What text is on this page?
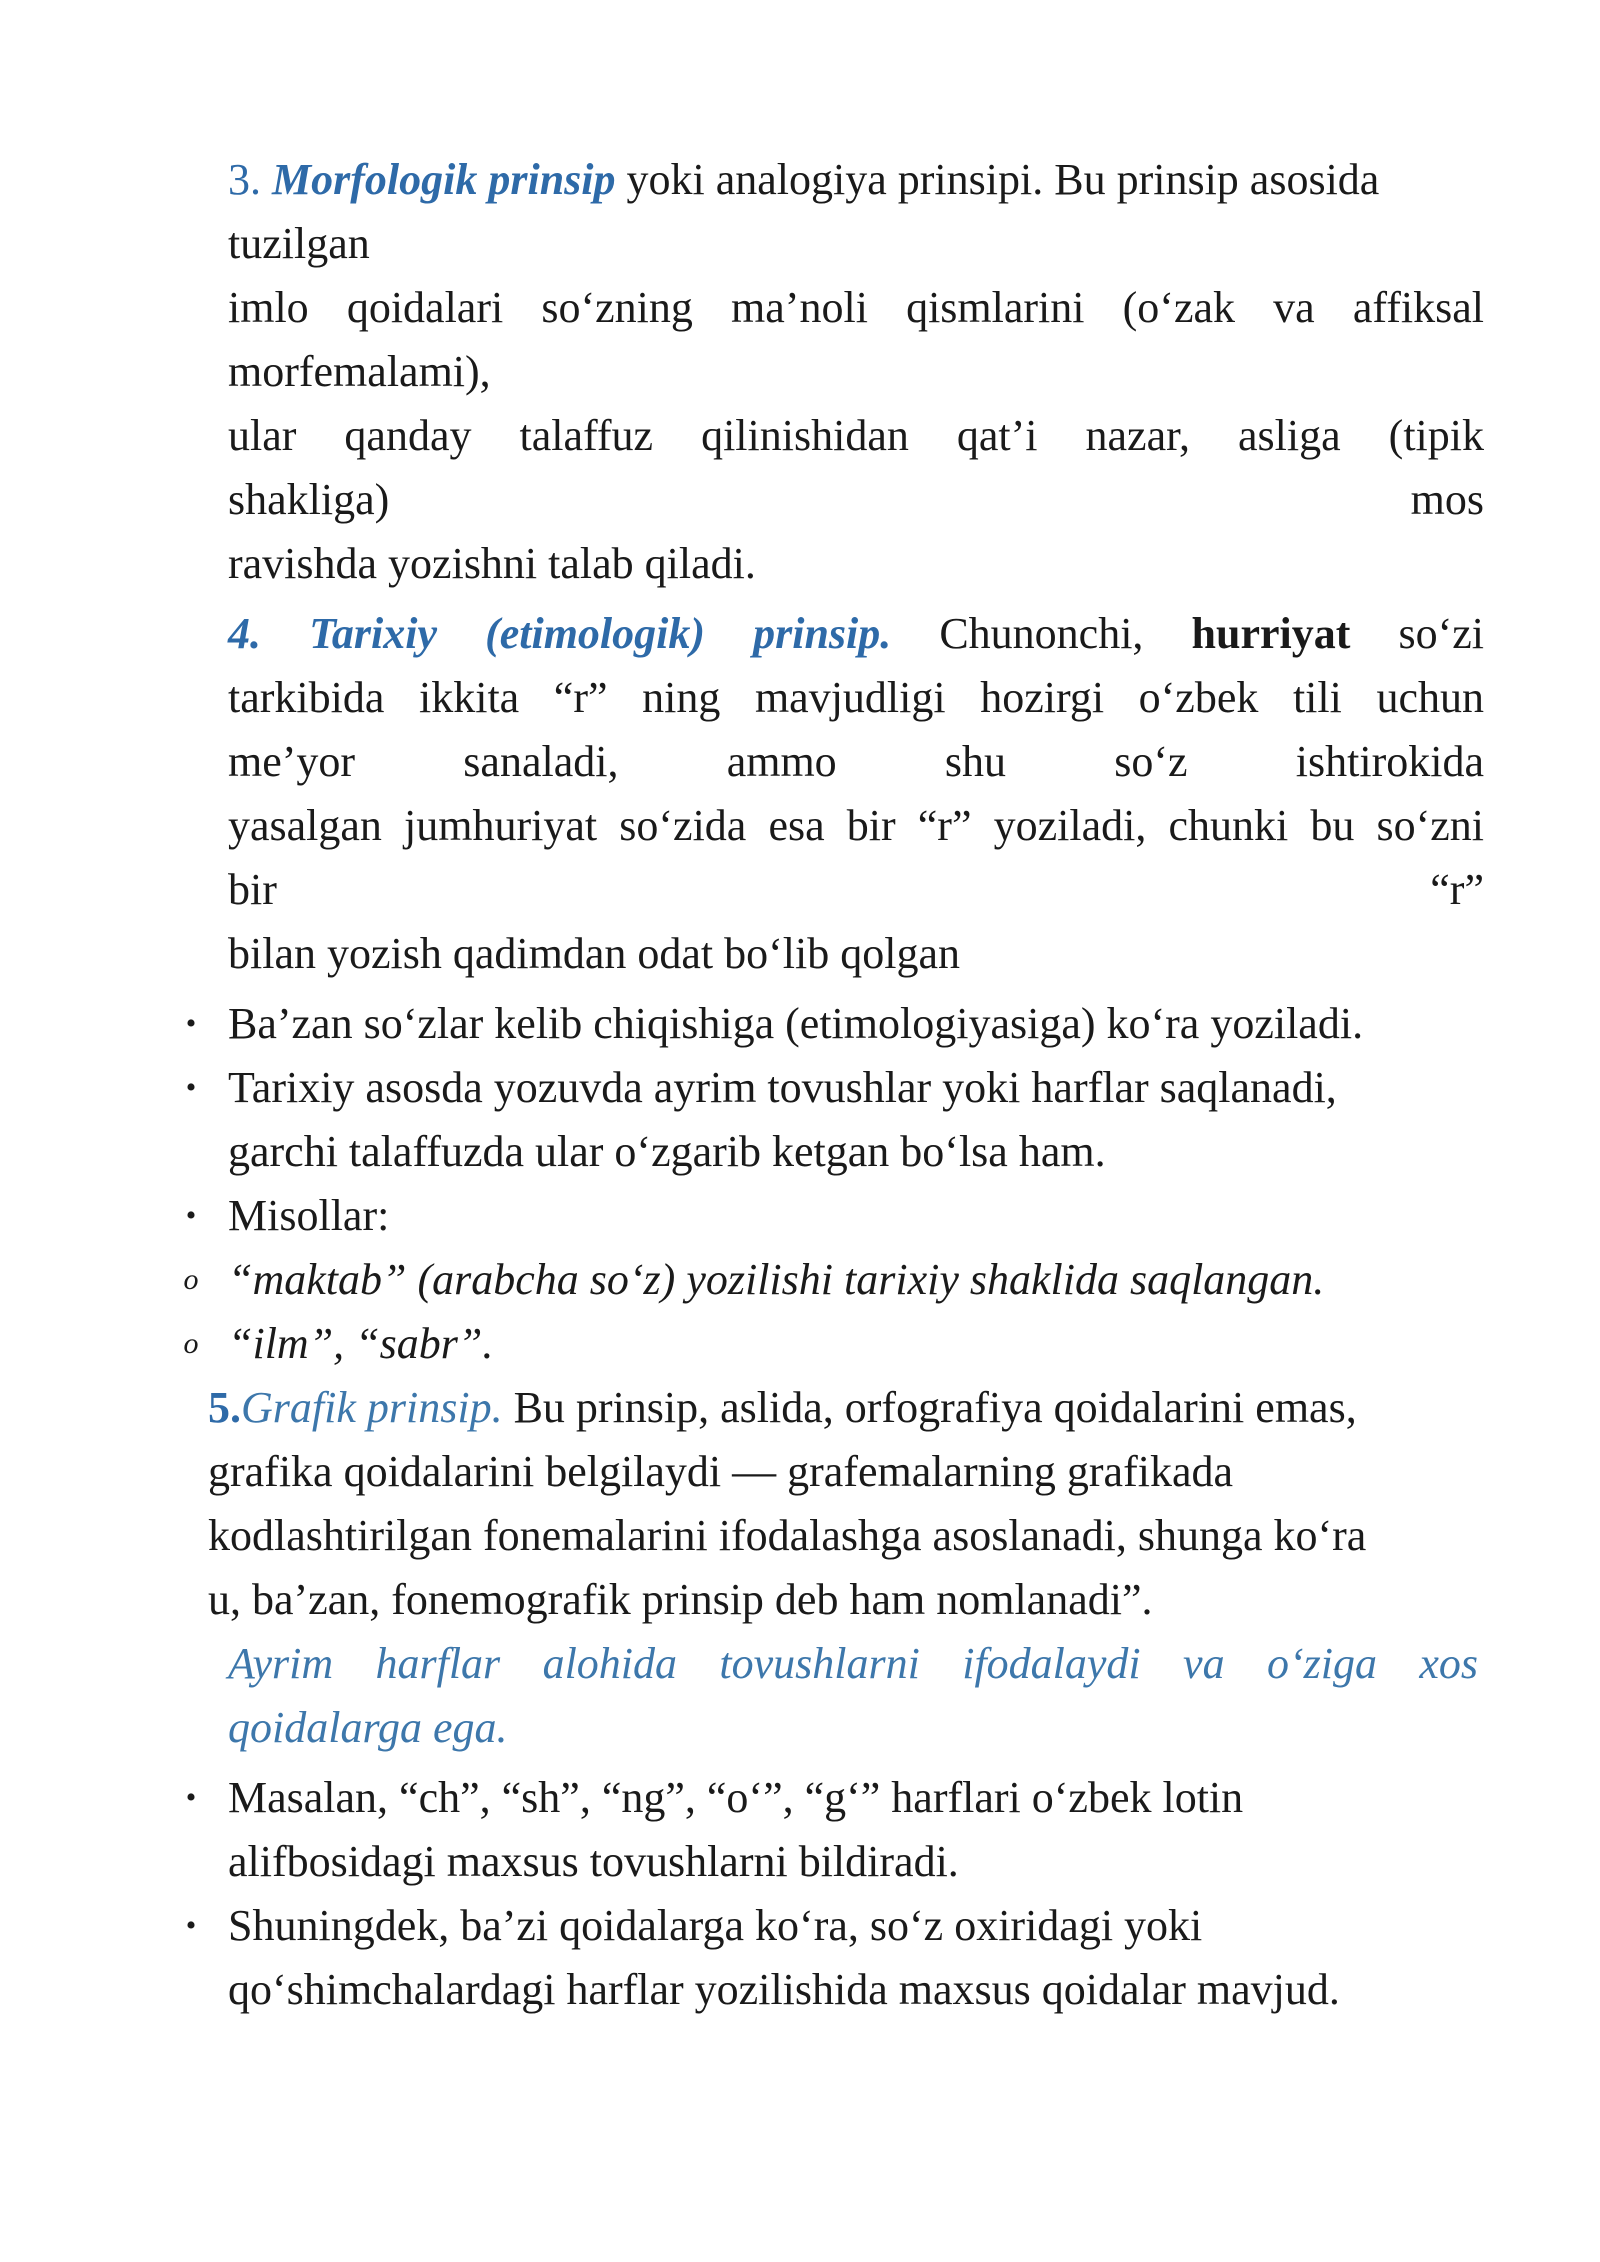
3. Morfologik prinsip yoki analogiya prinsipi. Bu prinsip asosida
tuzilgan
imlo qoidalari so‘zning ma’noli qismlarini (o‘zak va affiksal
morfemalami),
ular qanday talaffuz qilinishidan qat’i nazar, asliga (tipik
shakliga)	mos
ravishda yozishni talab qiladi.
4. Tarixiy (etimologik) prinsip. Chunonchi, hurriyat so‘zi
tarkibida ikkita “r” ning mavjudligi hozirgi o‘zbek tili uchun
me’yor sanaladi, ammo shu so‘z ishtirokida
yasalgan jumhuriyat so‘zida esa bir “r” yoziladi, chunki bu so‘zni
bir	“r”
bilan yozish qadimdan odat bo‘lib qolgan
• Ba’zan so‘zlar kelib chiqishiga (etimologiyasiga) ko‘ra yoziladi.
• Tarixiy asosda yozuvda ayrim tovushlar yoki harflar saqlanadi,
garchi talaffuzda ular o‘zgarib ketgan bo‘lsa ham.
• Misollar:
o “maktab” (arabcha so‘z) yozilishi tarixiy shaklida saqlangan.
o “ilm”, “sabr”.
5.Grafik prinsip. Bu prinsip, aslida, orfografiya qoidalarini emas,
grafika qoidalarini belgilaydi — grafemalarning grafikada
kodlashtirilgan fonemalarini ifodalashga asoslanadi, shunga ko‘ra
u, ba’zan, fonemografik prinsip deb ham nomlanadi”.
Ayrim harflar alohida tovushlarni ifodalaydi va o‘ziga xos
qoidalarga ega.
• Masalan, “ch”, “sh”, “ng”, “o‘”, “g‘” harflari o‘zbek lotin
alifbosidagi maxsus tovushlarni bildiradi.
• Shuningdek, ba’zi qoidalarga ko‘ra, so‘z oxiridagi yoki
qo‘shimchalardagi harflar yozilishida maxsus qoidalar mavjud.
